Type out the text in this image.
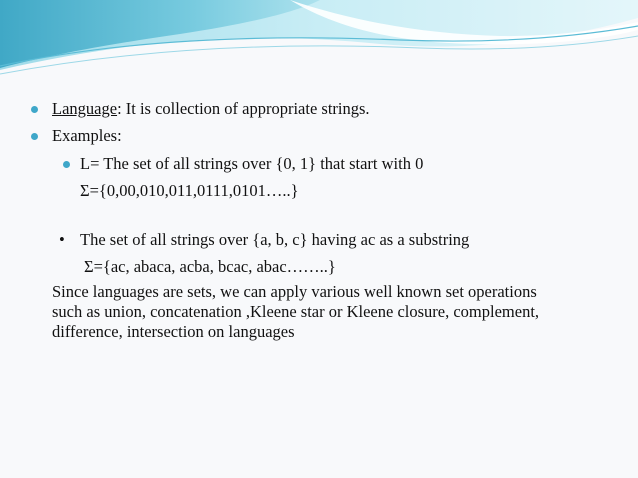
Language: It is collection of appropriate strings.
Examples:
L= The set of all strings over {0, 1} that start with 0
Σ={0,00,010,011,0111,0101…..}
• The set of all strings over {a, b, c} having ac as a substring
Σ={ac, abaca, acba, bcac, abac……..}
Since languages are sets, we can apply various well known set operations
such as union, concatenation ,Kleene star or Kleene closure, complement,
difference, intersection on languages
